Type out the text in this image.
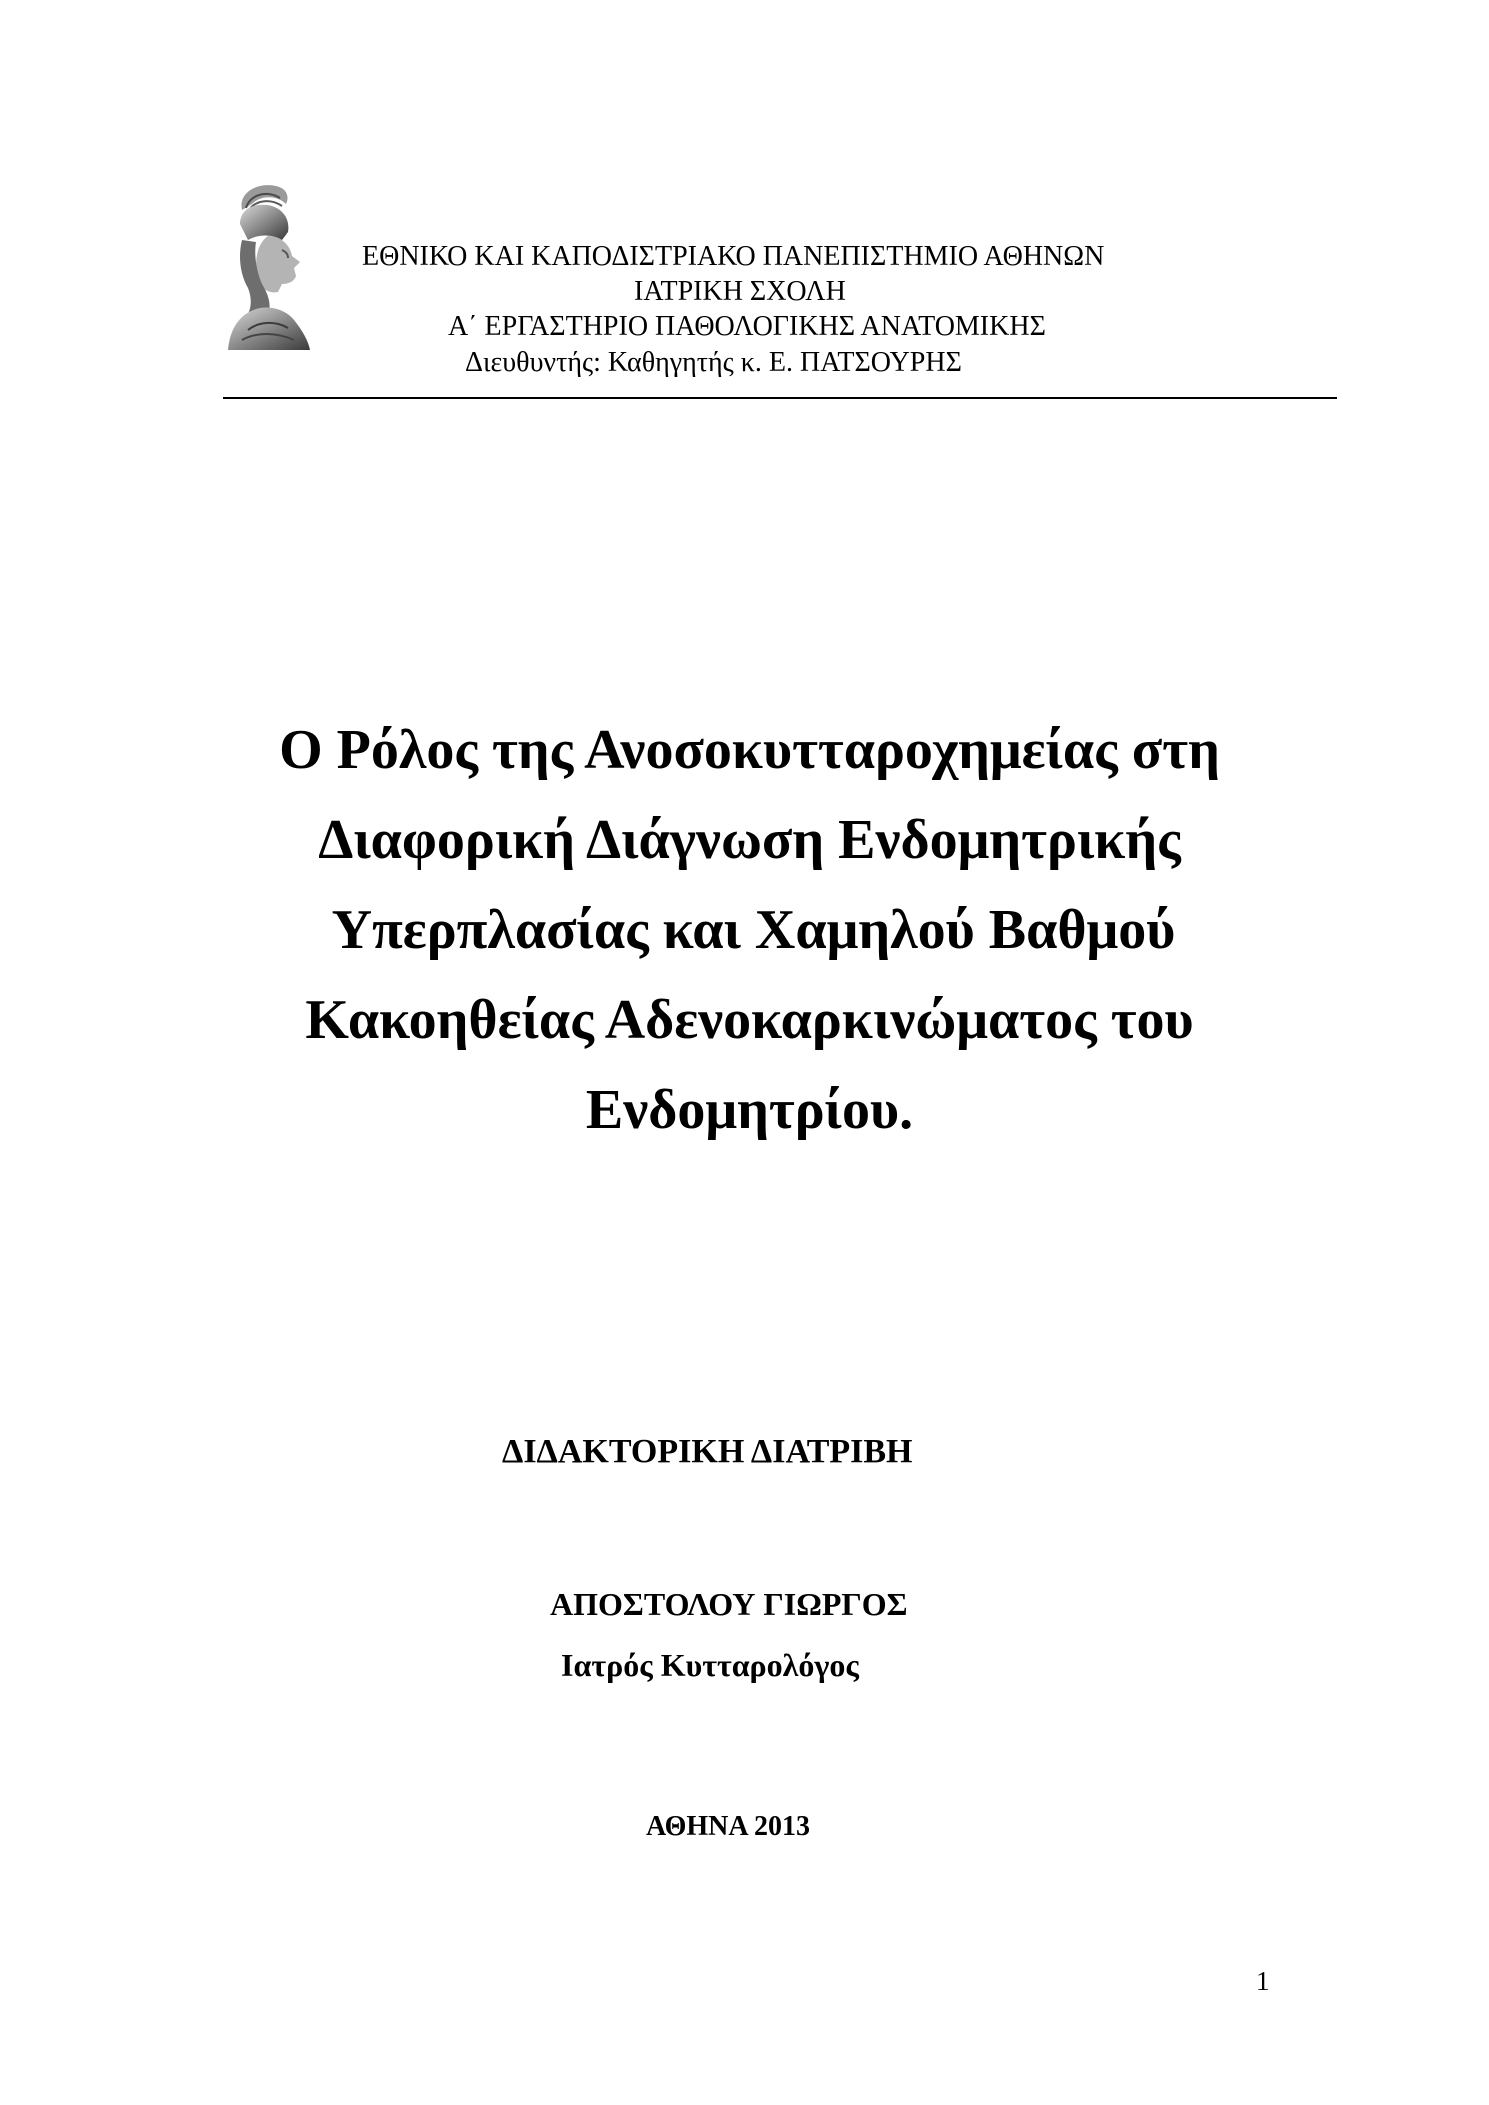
ΕΘΝΙΚΟ ΚΑΙ ΚΑΠΟΔΙΣΤΡΙΑΚΟ ΠΑΝΕΠΙΣΤΗΜΙΟ ΑΘΗΝΩΝ
ΙΑΤΡΙΚΗ ΣΧΟΛΗ
Α΄ ΕΡΓΑΣΤΗΡΙΟ ΠΑΘΟΛΟΓΙΚΗΣ ΑΝΑΤΟΜΙΚΗΣ
Διευθυντής: Καθηγητής κ. Ε. ΠΑΤΣΟΥΡΗΣ
Ο Ρόλος της Ανοσοκυτταροχημείας στη
Διαφορική Διάγνωση Ενδομητρικής
Υπερπλασίας και Χαμηλού Βαθμού
Κακοηθείας Αδενοκαρκινώματος του
Ενδομητρίου.
ΔΙΔΑΚΤΟΡΙΚΗ ΔΙΑΤΡΙΒΗ
ΑΠΟΣΤΟΛΟΥ ΓΙΩΡΓΟΣ
Ιατρός Κυτταρολόγος
ΑΘΗΝΑ 2013
1
